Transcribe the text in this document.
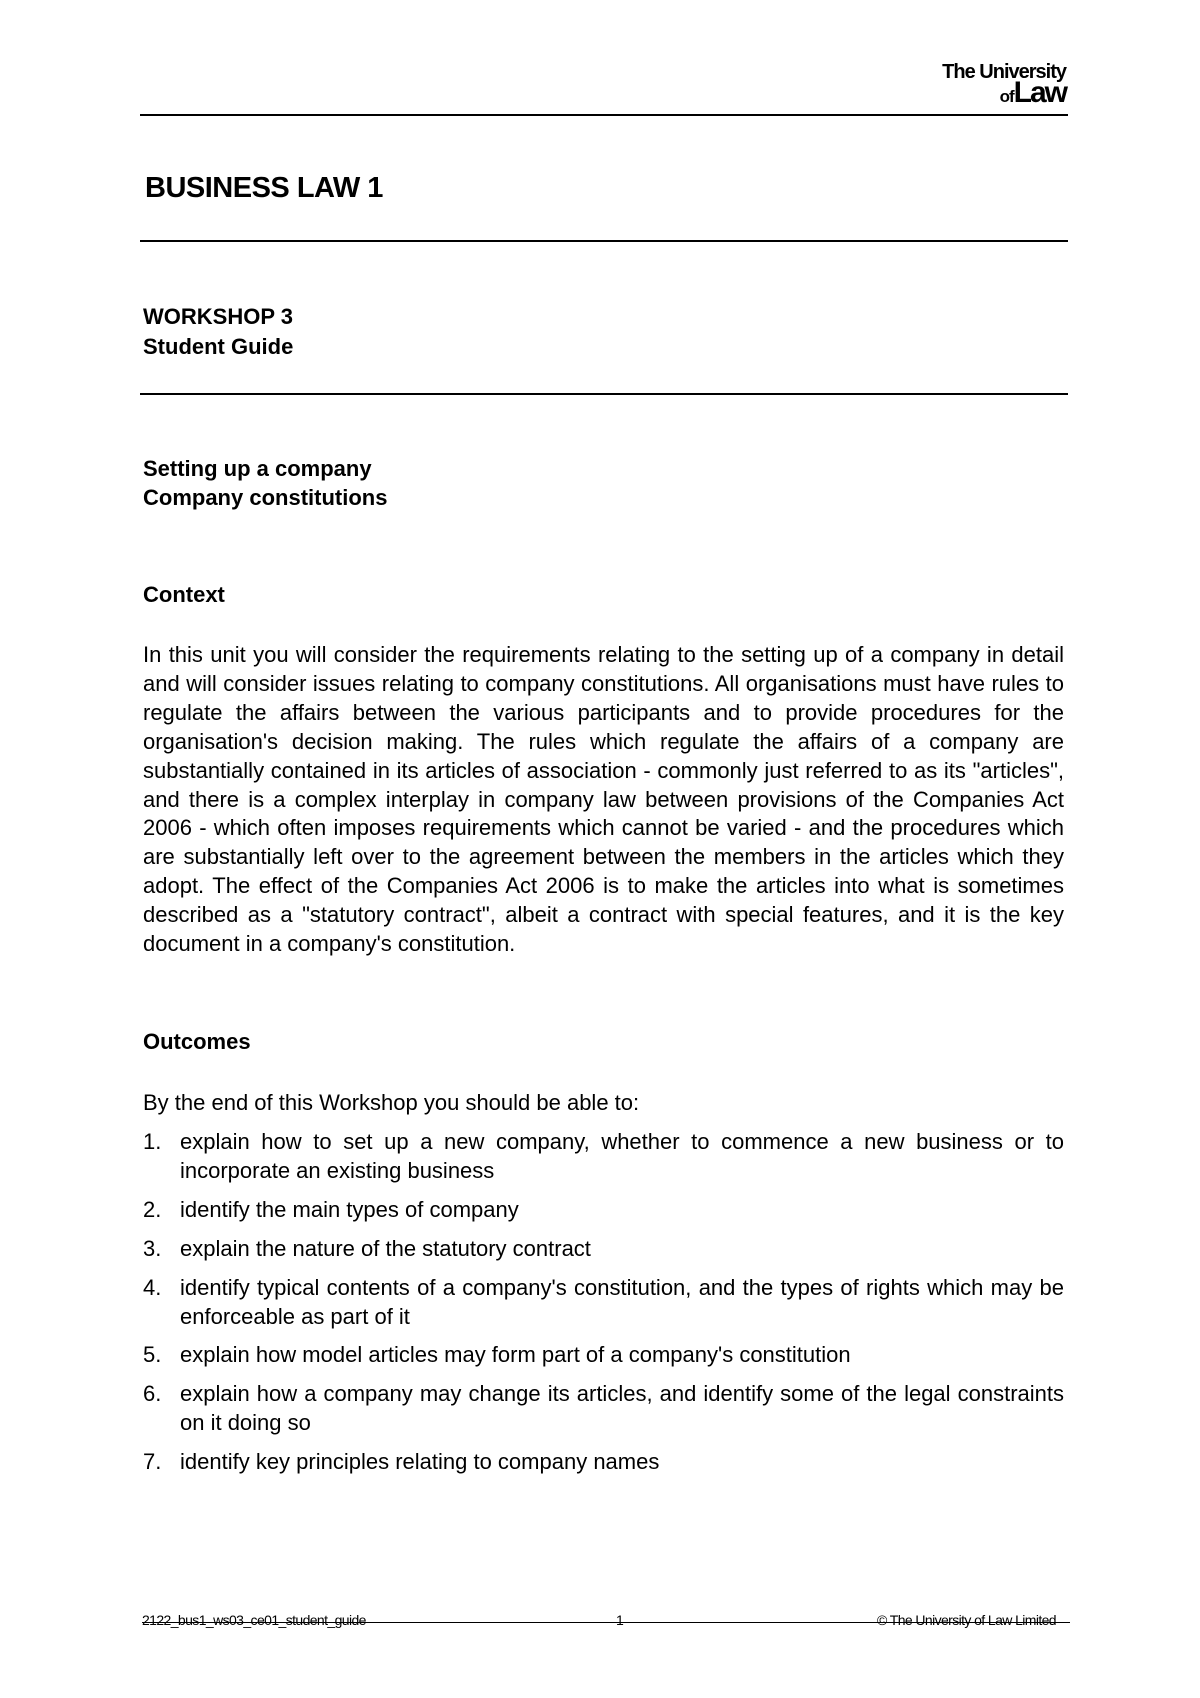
The University
ofLaw
BUSINESS LAW 1
WORKSHOP 3
Student Guide
Setting up a company
Company constitutions
Context
In this unit you will consider the requirements relating to the setting up of a company in detail and will consider issues relating to company constitutions. All organisations must have rules to regulate the affairs between the various participants and to provide procedures for the organisation's decision making. The rules which regulate the affairs of a company are substantially contained in its articles of association - commonly just referred to as its "articles", and there is a complex interplay in company law between provisions of the Companies Act 2006 - which often imposes requirements which cannot be varied - and the procedures which are substantially left over to the agreement between the members in the articles which they adopt. The effect of the Companies Act 2006 is to make the articles into what is sometimes described as a "statutory contract", albeit a contract with special features, and it is the key document in a company's constitution.
Outcomes
By the end of this Workshop you should be able to:
1. explain how to set up a new company, whether to commence a new business or to incorporate an existing business
2. identify the main types of company
3. explain the nature of the statutory contract
4. identify typical contents of a company's constitution, and the types of rights which may be enforceable as part of it
5. explain how model articles may form part of a company's constitution
6. explain how a company may change its articles, and identify some of the legal constraints on it doing so
7. identify key principles relating to company names
2122_bus1_ws03_ce01_student_guide	1	© The University of Law Limited
